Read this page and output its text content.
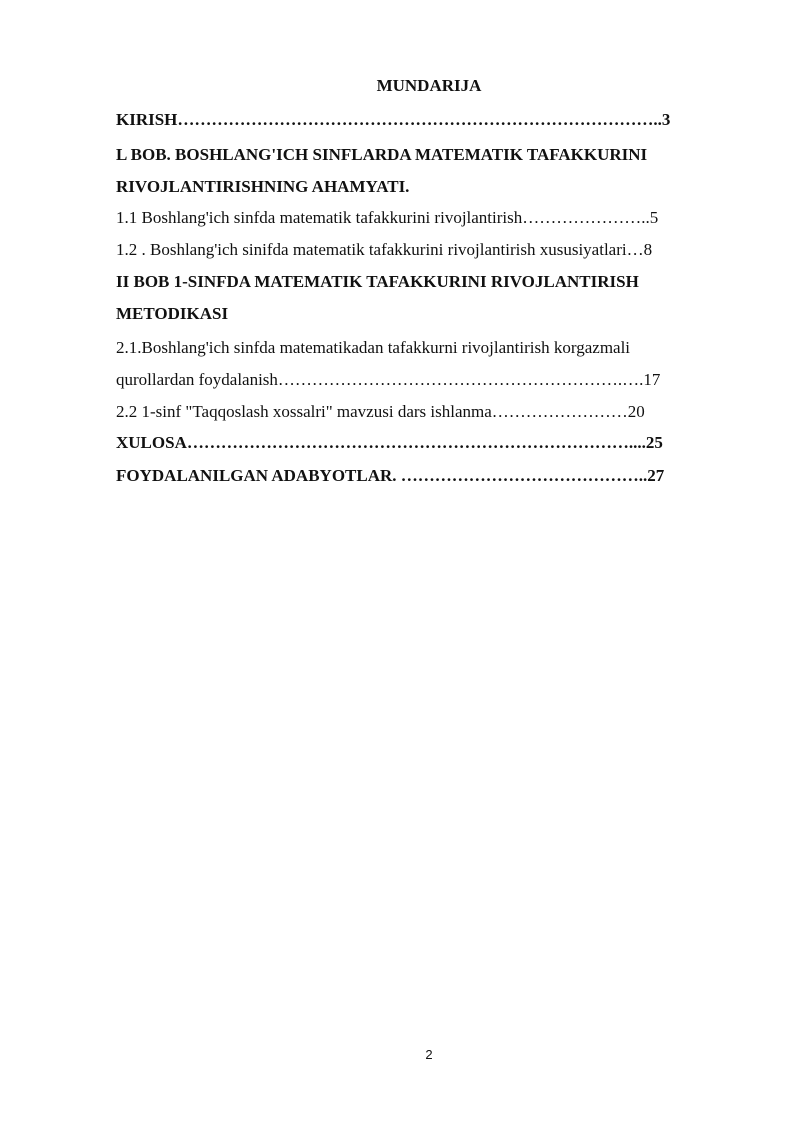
MUNDARIJA
KIRISH…………………………………………………………………………..3
L BOB. BOSHLANG'ICH SINFLARDA MATEMATIK TAFAKKURINI
RIVOJLANTIRISHNING AHAMYATI.
1.1 Boshlang'ich sinfda matematik tafakkurini rivojlantirish…………………..5
1.2 . Boshlang'ich sinifda matematik tafakkurini rivojlantirish xususiyatlari…8
II BOB 1-SINFDA MATEMATIK TAFAKKURINI RIVOJLANTIRISH
METODIKASI
2.1.Boshlang'ich sinfda matematikadan tafakkurni rivojlantirish korgazmali
qurollardan foydalanish…………………………………………………….….17
2.2 1-sinf "Taqqoslash xossalri" mavzusi dars ishlanma……………………20
XULOSA……………………………………………………………………....25
FOYDALANILGAN ADABYOTLAR. ……………………………………..27
2
